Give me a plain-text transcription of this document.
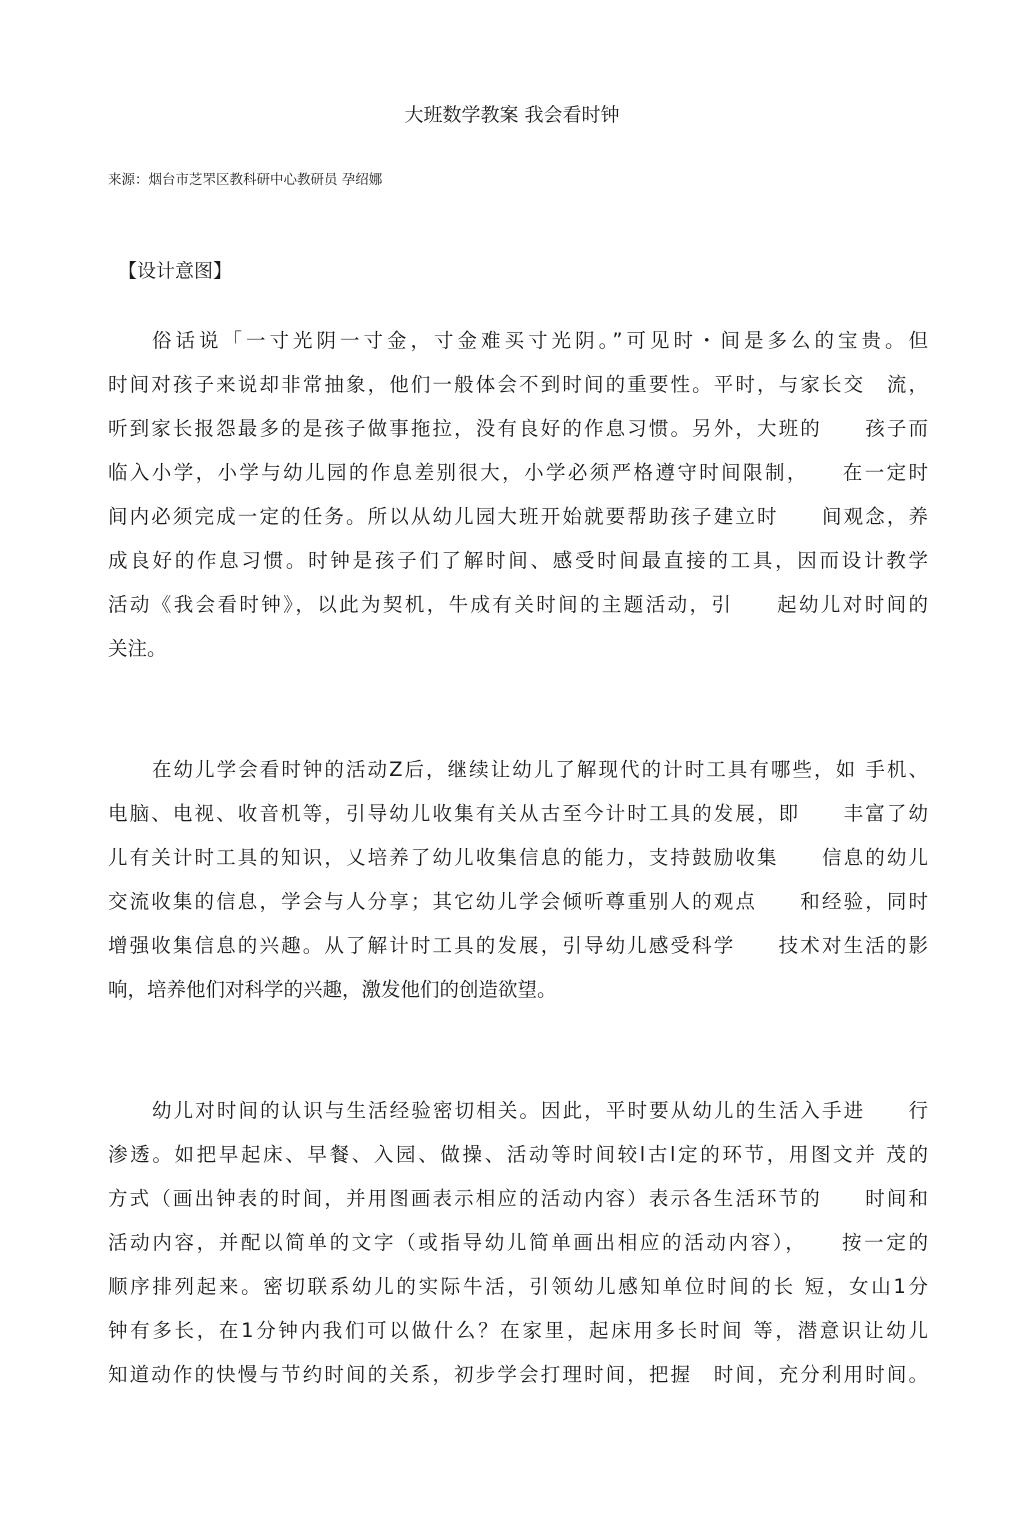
大班数学教案 我会看时钟
来源：烟台市芝罘区教科研中心教研员 孕绍娜
【设计意图】
俗话说「一寸光阴一寸金，寸金难买寸光阴。”可见时・间是多么的宝贵。但
时间对孩子来说却非常抽象，他们一般体会不到时间的重要性。平时，与家长交　流，
听到家长报怨最多的是孩子做事拖拉，没有良好的作息习惯。另外，大班的　　孩子而
临入小学，小学与幼儿园的作息差别很大，小学必须严格遵守时间限制，　　在一定时
间内必须完成一定的任务。所以从幼儿园大班开始就要帮助孩子建立时　　间观念，养
成良好的作息习惯。时钟是孩子们了解时间、感受时间最直接的工具，因而设计教学
活动《我会看时钟》，以此为契机，牛成有关时间的主题活动，引　　起幼儿对时间的
关注。
在幼儿学会看时钟的活动Z后，继续让幼儿了解现代的计时工具有哪些，如 手机、
电脑、电视、收音机等，引导幼儿收集有关从古至今计时工具的发展，即　　丰富了幼
儿有关计时工具的知识，乂培养了幼儿收集信息的能力，支持鼓励收集　　信息的幼儿
交流收集的信息，学会与人分享；其它幼儿学会倾听尊重别人的观点　　和经验，同时
增强收集信息的兴趣。从了解计时工具的发展，引导幼儿感受科学　　技术对生活的影
响，培养他们对科学的兴趣，激发他们的创造欲望。
幼儿对时间的认识与生活经验密切相关。因此，平时要从幼儿的生活入手进　　行
渗透。如把早起床、早餐、入园、做操、活动等时间较l古l定的环节，用图文并 茂的
方式（画出钟表的时间，并用图画表示相应的活动内容）表示各生活环节的　　时间和
活动内容，并配以简单的文字（或指导幼儿简单画出相应的活动内容），　　按一定的
顺序排列起来。密切联系幼儿的实际牛活，引领幼儿感知单位时间的长 短，女山1分
钟有多长，在1分钟内我们可以做什么？在家里，起床用多长时间 等，潜意识让幼儿
知道动作的快慢与节约时间的关系，初步学会打理时间，把握　时间，充分利用时间。
